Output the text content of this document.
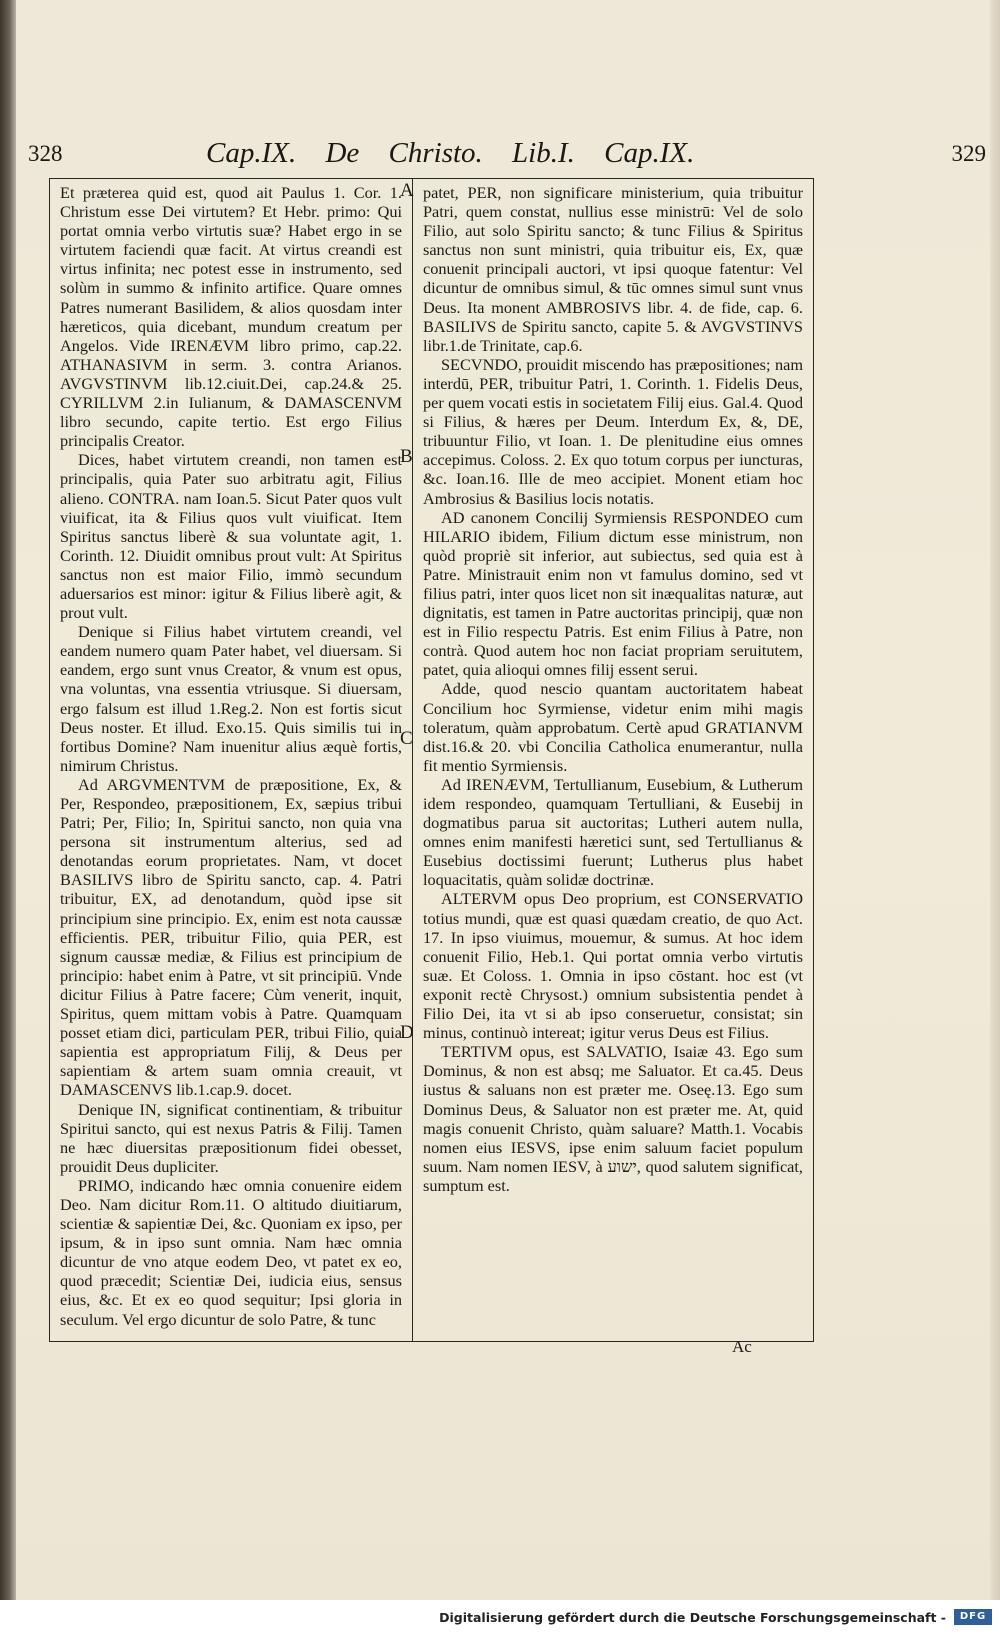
328	Cap.IX. De Christo. Lib.I. Cap.IX.	329

Et præterea quid est, quod ait Paulus 1. Cor. 1. Christum esse Dei virtutem? Et Hebr. primo: Qui portat omnia verbo virtutis suæ? Habet ergo in se virtutem faciendi quæ facit. At virtus creandi est virtus infinita; nec potest esse in instrumento, sed solùm in summo & infinito artifice. Quare omnes Patres numerant Basilidem, & alios quosdam inter hæreticos, quia dicebant, mundum creatum per Angelos. Vide IRENÆVM libro primo, cap.22. ATHANASIVM in serm. 3. contra Arianos. AVGVSTINVM lib.12.ciuit.Dei, cap.24.& 25. CYRILLVM 2.in Iulianum, & DAMASCENVM libro secundo, capite tertio. Est ergo Filius principalis Creator.

Dices, habet virtutem creandi, non tamen est principalis, quia Pater suo arbitratu agit, Filius alieno. CONTRA. nam Ioan.5. Sicut Pater quos vult viuificat, ita & Filius quos vult viuificat. Item Spiritus sanctus liberè & sua voluntate agit, 1. Corinth. 12. Diuidit omnibus prout vult: At Spiritus sanctus non est maior Filio, immò secundum aduersarios est minor: igitur & Filius liberè agit, & prout vult.

Denique si Filius habet virtutem creandi, vel eandem numero quam Pater habet, vel diuersam. Si eandem, ergo sunt vnus Creator, & vnum est opus, vna voluntas, vna essentia vtriusque. Si diuersam, ergo falsum est illud 1.Reg.2. Non est fortis sicut Deus noster. Et illud. Exo.15. Quis similis tui in fortibus Domine? Nam inuenitur alius æquè fortis, nimirum Christus.

Ad ARGVMENTVM de præpositione, Ex, & Per, Respondeo, præpositionem, Ex, sæpius tribui Patri; Per, Filio; In, Spiritui sancto, non quia vna persona sit instrumentum alterius, sed ad denotandas eorum proprietates. Nam, vt docet BASILIVS libro de Spiritu sancto, cap. 4. Patri tribuitur, EX, ad denotandum, quòd ipse sit principium sine principio. Ex, enim est nota caussæ efficientis. PER, tribuitur Filio, quia PER, est signum caussæ mediæ, & Filius est principium de principio: habet enim à Patre, vt sit principiū. Vnde dicitur Filius à Patre facere; Cùm venerit, inquit, Spiritus, quem mittam vobis à Patre. Quamquam posset etiam dici, particulam PER, tribui Filio, quia sapientia est appropriatum Filij, & Deus per sapientiam & artem suam omnia creauit, vt DAMASCENVS lib.1.cap.9. docet.

Denique IN, significat continentiam, & tribuitur Spiritui sancto, qui est nexus Patris & Filij. Tamen ne hæc diuersitas præpositionum fidei obesset, prouidit Deus dupliciter.

PRIMO, indicando hæc omnia conuenire eidem Deo. Nam dicitur Rom.11. O altitudo diuitiarum, scientiæ & sapientiæ Dei, &c. Quoniam ex ipso, per ipsum, & in ipso sunt omnia. Nam hæc omnia dicuntur de vno atque eodem Deo, vt patet ex eo, quod præcedit; Scientiæ Dei, iudicia eius, sensus eius, &c. Et ex eo quod sequitur; Ipsi gloria in seculum. Vel ergo dicuntur de solo Patre, & tunc

patet, PER, non significare ministerium, quia tribuitur Patri, quem constat, nullius esse ministrū: Vel de solo Filio, aut solo Spiritu sancto; & tunc Filius & Spiritus sanctus non sunt ministri, quia tribuitur eis, Ex, quæ conuenit principali auctori, vt ipsi quoque fatentur: Vel dicuntur de omnibus simul, & tūc omnes simul sunt vnus Deus. Ita monent AMBROSIVS libr. 4. de fide, cap. 6. BASILIVS de Spiritu sancto, capite 5. & AVGVSTINVS libr.1.de Trinitate, cap.6.

SECVNDO, prouidit miscendo has præpositiones; nam interdū, PER, tribuitur Patri, 1. Corinth. 1. Fidelis Deus, per quem vocati estis in societatem Filij eius. Gal.4. Quod si Filius, & hæres per Deum. Interdum Ex, &, DE, tribuuntur Filio, vt Ioan. 1. De plenitudine eius omnes accepimus. Coloss. 2. Ex quo totum corpus per iuncturas, &c. Ioan.16. Ille de meo accipiet. Monent etiam hoc Ambrosius & Basilius locis notatis.

AD canonem Concilij Syrmiensis RESPONDEO cum HILARIO ibidem, Filium dictum esse ministrum, non quòd propriè sit inferior, aut subiectus, sed quia est à Patre. Ministrauit enim non vt famulus domino, sed vt filius patri, inter quos licet non sit inæqualitas naturæ, aut dignitatis, est tamen in Patre auctoritas principij, quæ non est in Filio respectu Patris. Est enim Filius à Patre, non contrà. Quod autem hoc non faciat propriam seruitutem, patet, quia alioqui omnes filij essent serui.

Adde, quod nescio quantam auctoritatem habeat Concilium hoc Syrmiense, videtur enim mihi magis toleratum, quàm approbatum. Certè apud GRATIANVM dist.16.& 20. vbi Concilia Catholica enumerantur, nulla fit mentio Syrmiensis.

Ad IRENÆVM, Tertullianum, Eusebium, & Lutherum idem respondeo, quamquam Tertulliani, & Eusebij in dogmatibus parua sit auctoritas; Lutheri autem nulla, omnes enim manifesti hæretici sunt, sed Tertullianus & Eusebius doctissimi fuerunt; Lutherus plus habet loquacitatis, quàm solidæ doctrinæ.

ALTERVM opus Deo proprium, est CONSERVATIO totius mundi, quæ est quasi quædam creatio, de quo Act. 17. In ipso viuimus, mouemur, & sumus. At hoc idem conuenit Filio, Heb.1. Qui portat omnia verbo virtutis suæ. Et Coloss. 1. Omnia in ipso cōstant. hoc est (vt exponit rectè Chrysost.) omnium subsistentia pendet à Filio Dei, ita vt si ab ipso conseruetur, consistat; sin minus, continuò intereat; igitur verus Deus est Filius.

TERTIVM opus, est SALVATIO, Isaiæ 43. Ego sum Dominus, & non est absq; me Saluator. Et ca.45. Deus iustus & saluans non est præter me. Oseę.13. Ego sum Dominus Deus, & Saluator non est præter me. At, quid magis conuenit Christo, quàm saluare? Matth.1. Vocabis nomen eius IESVS, ipse enim saluum faciet populum suum. Nam nomen IESV, à ישוע, quod salutem significat, sumptum est.

A
B
C
D
Ac
Digitalisierung gefördert durch die Deutsche Forschungsgemeinschaft -	DFG
